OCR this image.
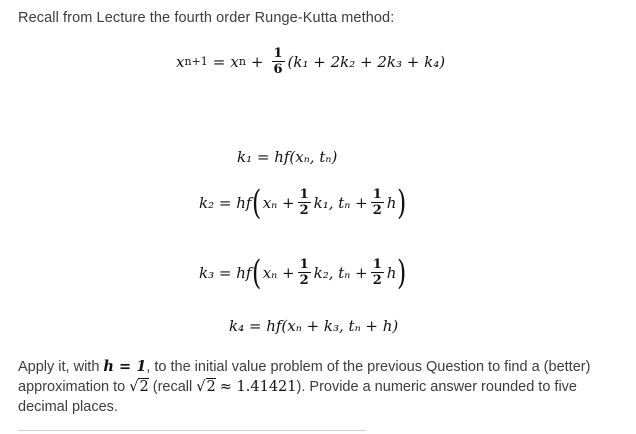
Recall from Lecture the fourth order Runge-Kutta method:
x n+1 = x $n + \frac{1}{6} (k_1 + 2k_2 + 2k_3 + k_4)$
k₁ = hf(xₙ, tₙ)
k₂ = hf ( $x_n + \frac{1}{2} k_1$, $t_n + \frac{1}{2}$ h )
k₃ = hf ( $x_n + \frac{1}{2} k_2$, $t_n + \frac{1}{2}$ h )
k₄ = hf(xₙ + k₃, tₙ + h)
Apply it, with h = 1, to the initial value problem of the previous Question to find a (better) approximation to √2 (recall √2 ≈ 1.41421). Provide a numeric answer rounded to five decimal places.
